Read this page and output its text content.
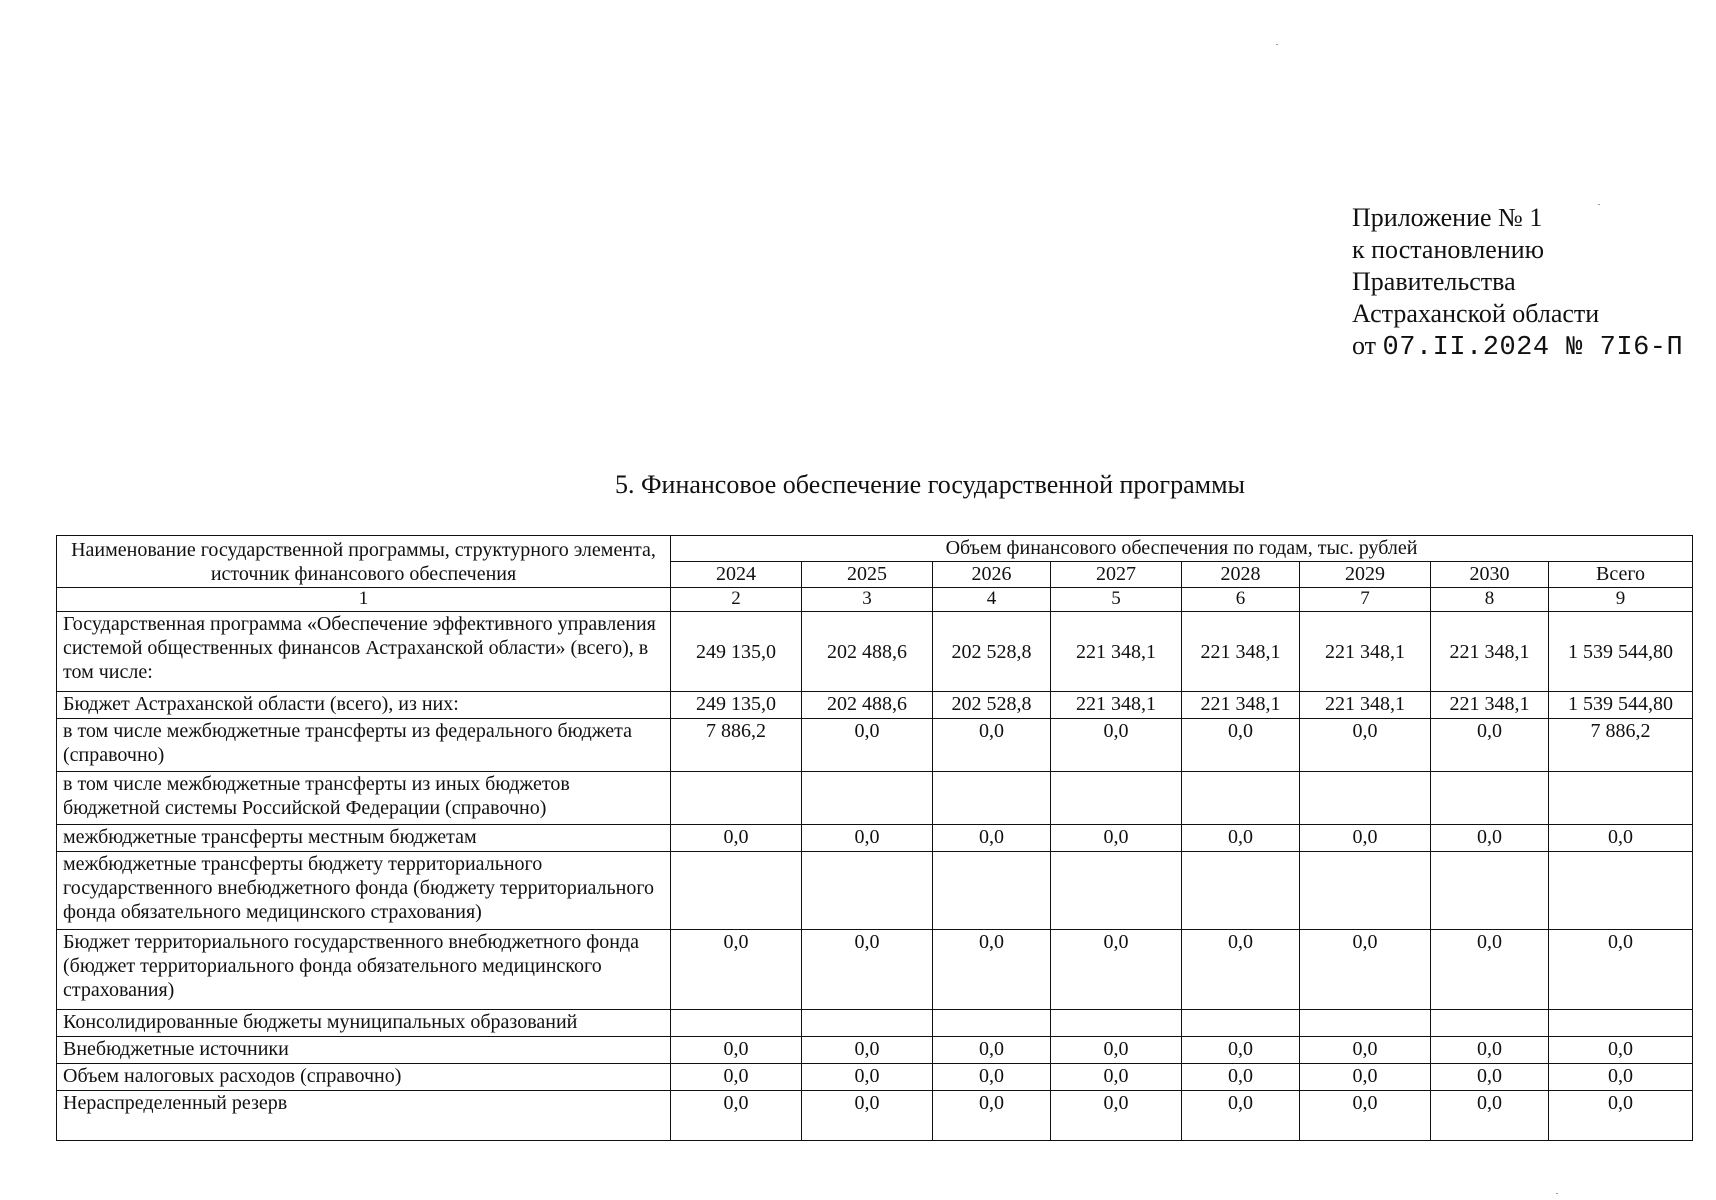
Приложение № 1
к постановлению
Правительства
Астраханской области
от 07.II.2024 № 7I6-П
5. Финансовое обеспечение государственной программы
Наименование государственной программы, структурного элемента, источник финансового обеспечения	Объем финансового обеспечения по годам, тыс. рублей							
	2024	2025	2026	2027	2028	2029	2030	Всего
1	2	3	4	5	6	7	8	9
Государственная программа «Обеспечение эффективного управления системой общественных финансов Астраханской области» (всего), в том числе:	249 135,0	202 488,6	202 528,8	221 348,1	221 348,1	221 348,1	221 348,1	1 539 544,80
Бюджет Астраханской области (всего), из них:	249 135,0	202 488,6	202 528,8	221 348,1	221 348,1	221 348,1	221 348,1	1 539 544,80
в том числе межбюджетные трансферты из федерального бюджета (справочно)	7 886,2	0,0	0,0	0,0	0,0	0,0	0,0	7 886,2
в том числе межбюджетные трансферты из иных бюджетов бюджетной системы Российской Федерации (справочно)								
межбюджетные трансферты местным бюджетам	0,0	0,0	0,0	0,0	0,0	0,0	0,0	0,0
межбюджетные трансферты бюджету территориального государственного внебюджетного фонда (бюджету территориального фонда обязательного медицинского страхования)								
Бюджет территориального государственного внебюджетного фонда (бюджет территориального фонда обязательного медицинского страхования)	0,0	0,0	0,0	0,0	0,0	0,0	0,0	0,0
Консолидированные бюджеты муниципальных образований								
Внебюджетные источники	0,0	0,0	0,0	0,0	0,0	0,0	0,0	0,0
Объем налоговых расходов (справочно)	0,0	0,0	0,0	0,0	0,0	0,0	0,0	0,0
Нераспределенный резерв	0,0	0,0	0,0	0,0	0,0	0,0	0,0	0,0
